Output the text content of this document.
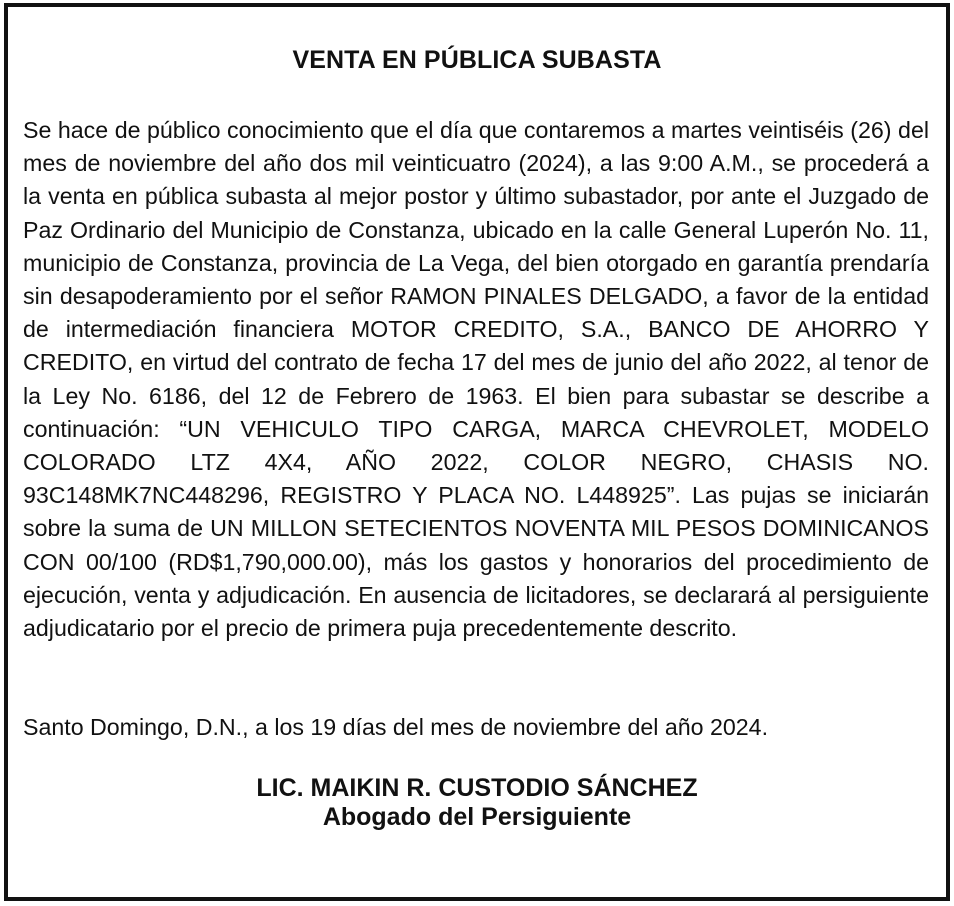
VENTA EN PÚBLICA SUBASTA

Se hace de público conocimiento que el día que contaremos a martes veintiséis (26) del mes de noviembre del año dos mil veinticuatro (2024), a las 9:00 A.M., se procederá a la venta en pública subasta al mejor postor y último subastador, por ante el Juzgado de Paz Ordinario del Municipio de Constanza, ubicado en la calle General Luperón No. 11, municipio de Constanza, provincia de La Vega, del bien otorgado en garantía prendaría sin desapoderamiento por el señor RAMON PINALES DELGADO, a favor de la entidad de intermediación financiera MOTOR CREDITO, S.A., BANCO DE AHORRO Y CREDITO, en virtud del contrato de fecha 17 del mes de junio del año 2022, al tenor de la Ley No. 6186, del 12 de Febrero de 1963. El bien para subastar se describe a continuación: “UN VEHICULO TIPO CARGA, MARCA CHEVROLET, MODELO COLORADO LTZ 4X4, AÑO 2022, COLOR NEGRO, CHASIS NO. 93C148MK7NC448296, REGISTRO Y PLACA NO. L448925”. Las pujas se iniciarán sobre la suma de UN MILLON SETECIENTOS NOVENTA MIL PESOS DOMINICANOS CON 00/100 (RD$1,790,000.00), más los gastos y honorarios del procedimiento de ejecución, venta y adjudicación. En ausencia de licitadores, se declarará al persiguiente adjudicatario por el precio de primera puja precedentemente descrito.

Santo Domingo, D.N., a los 19 días del mes de noviembre del año 2024.

LIC. MAIKIN R. CUSTODIO SÁNCHEZ
Abogado del Persiguiente
